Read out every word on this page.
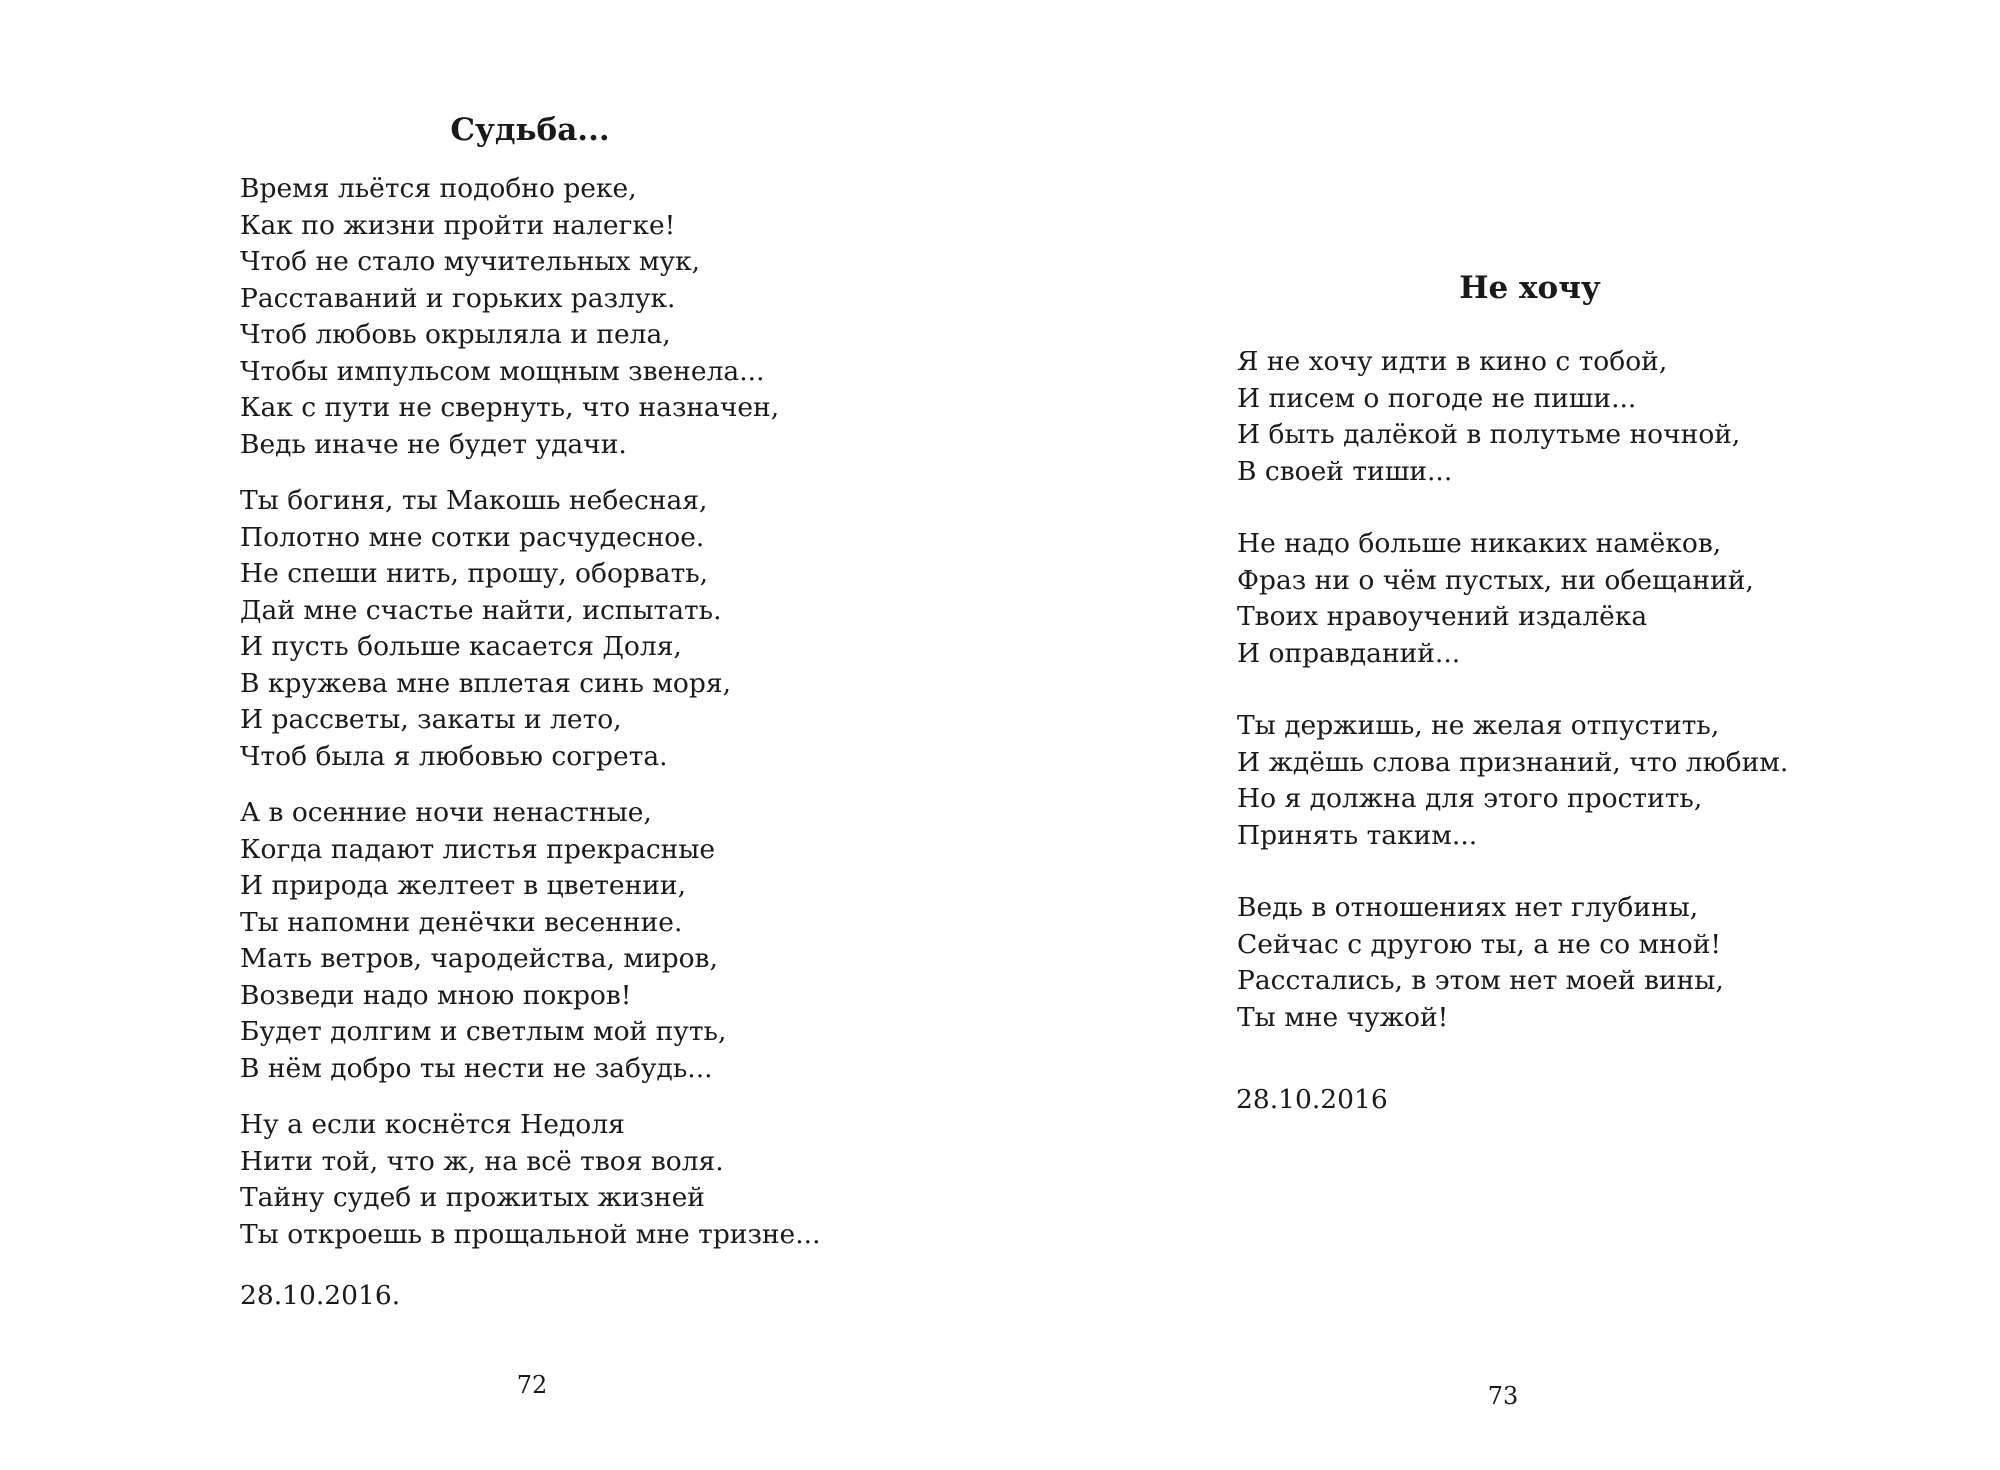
Судьба...
Время льётся подобно реке,
Как по жизни пройти налегке!
Чтоб не стало мучительных мук,
Расставаний и горьких разлук.
Чтоб любовь окрыляла и пела,
Чтобы импульсом мощным звенела...
Как с пути не свернуть, что назначен,
Ведь иначе не будет удачи.
Ты богиня, ты Макошь небесная,
Полотно мне сотки расчудесное.
Не спеши нить, прошу, оборвать,
Дай мне счастье найти, испытать.
И пусть больше касается Доля,
В кружева мне вплетая синь моря,
И рассветы, закаты и лето,
Чтоб была я любовью согрета.
А в осенние ночи ненастные,
Когда падают листья прекрасные
И природа желтеет в цветении,
Ты напомни денёчки весенние.
Мать ветров, чародейства, миров,
Возведи надо мною покров!
Будет долгим и светлым мой путь,
В нём добро ты нести не забудь...
Ну а если коснётся Недоля
Нити той, что ж, на всё твоя воля.
Тайну судеб и прожитых жизней
Ты откроешь в прощальной мне тризне...

28.10.2016.

72

Не хочу
Я не хочу идти в кино с тобой,
И писем о погоде не пиши...
И быть далёкой в полутьме ночной,
В своей тиши...
Не надо больше никаких намёков,
Фраз ни о чём пустых, ни обещаний,
Твоих нравоучений издалёка
И оправданий...
Ты держишь, не желая отпустить,
И ждёшь слова признаний, что любим.
Но я должна для этого простить,
Принять таким...
Ведь в отношениях нет глубины,
Сейчас с другою ты, а не со мной!
Расстались, в этом нет моей вины,
Ты мне чужой!

28.10.2016

73
